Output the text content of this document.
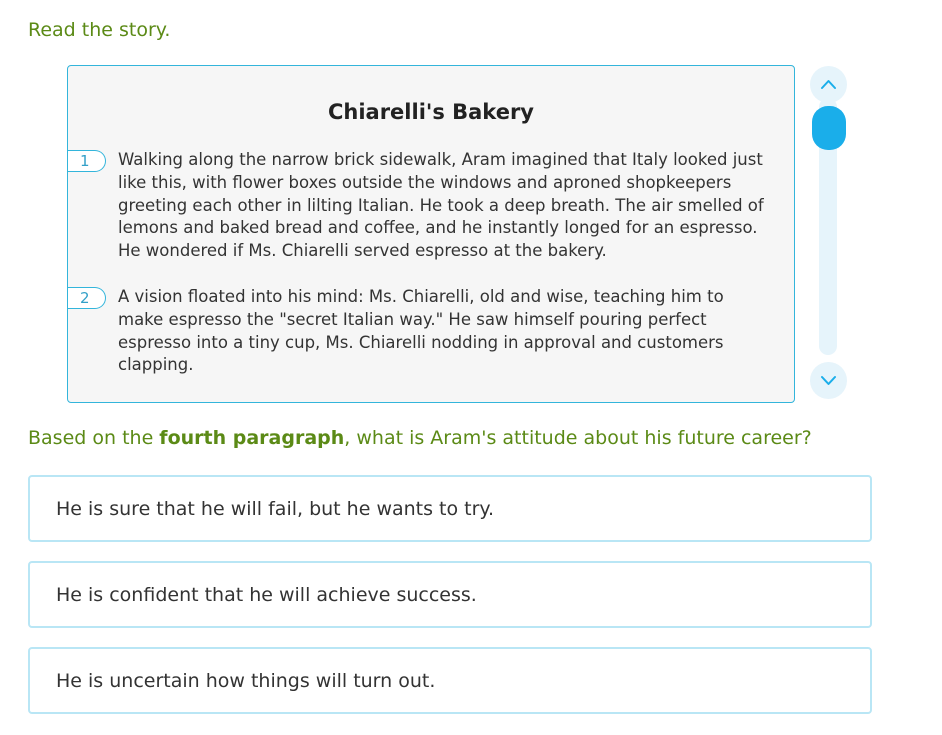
Read the story.

Chiarelli's Bakery
1	Walking along the narrow brick sidewalk, Aram imagined that Italy looked just like this, with flower boxes outside the windows and aproned shopkeepers greeting each other in lilting Italian. He took a deep breath. The air smelled of lemons and baked bread and coffee, and he instantly longed for an espresso. He wondered if Ms. Chiarelli served espresso at the bakery.

2	A vision floated into his mind: Ms. Chiarelli, old and wise, teaching him to make espresso the "secret Italian way." He saw himself pouring perfect espresso into a tiny cup, Ms. Chiarelli nodding in approval and customers clapping.

Based on the fourth paragraph, what is Aram's attitude about his future career?

He is sure that he will fail, but he wants to try.
He is confident that he will achieve success.
He is uncertain how things will turn out.
